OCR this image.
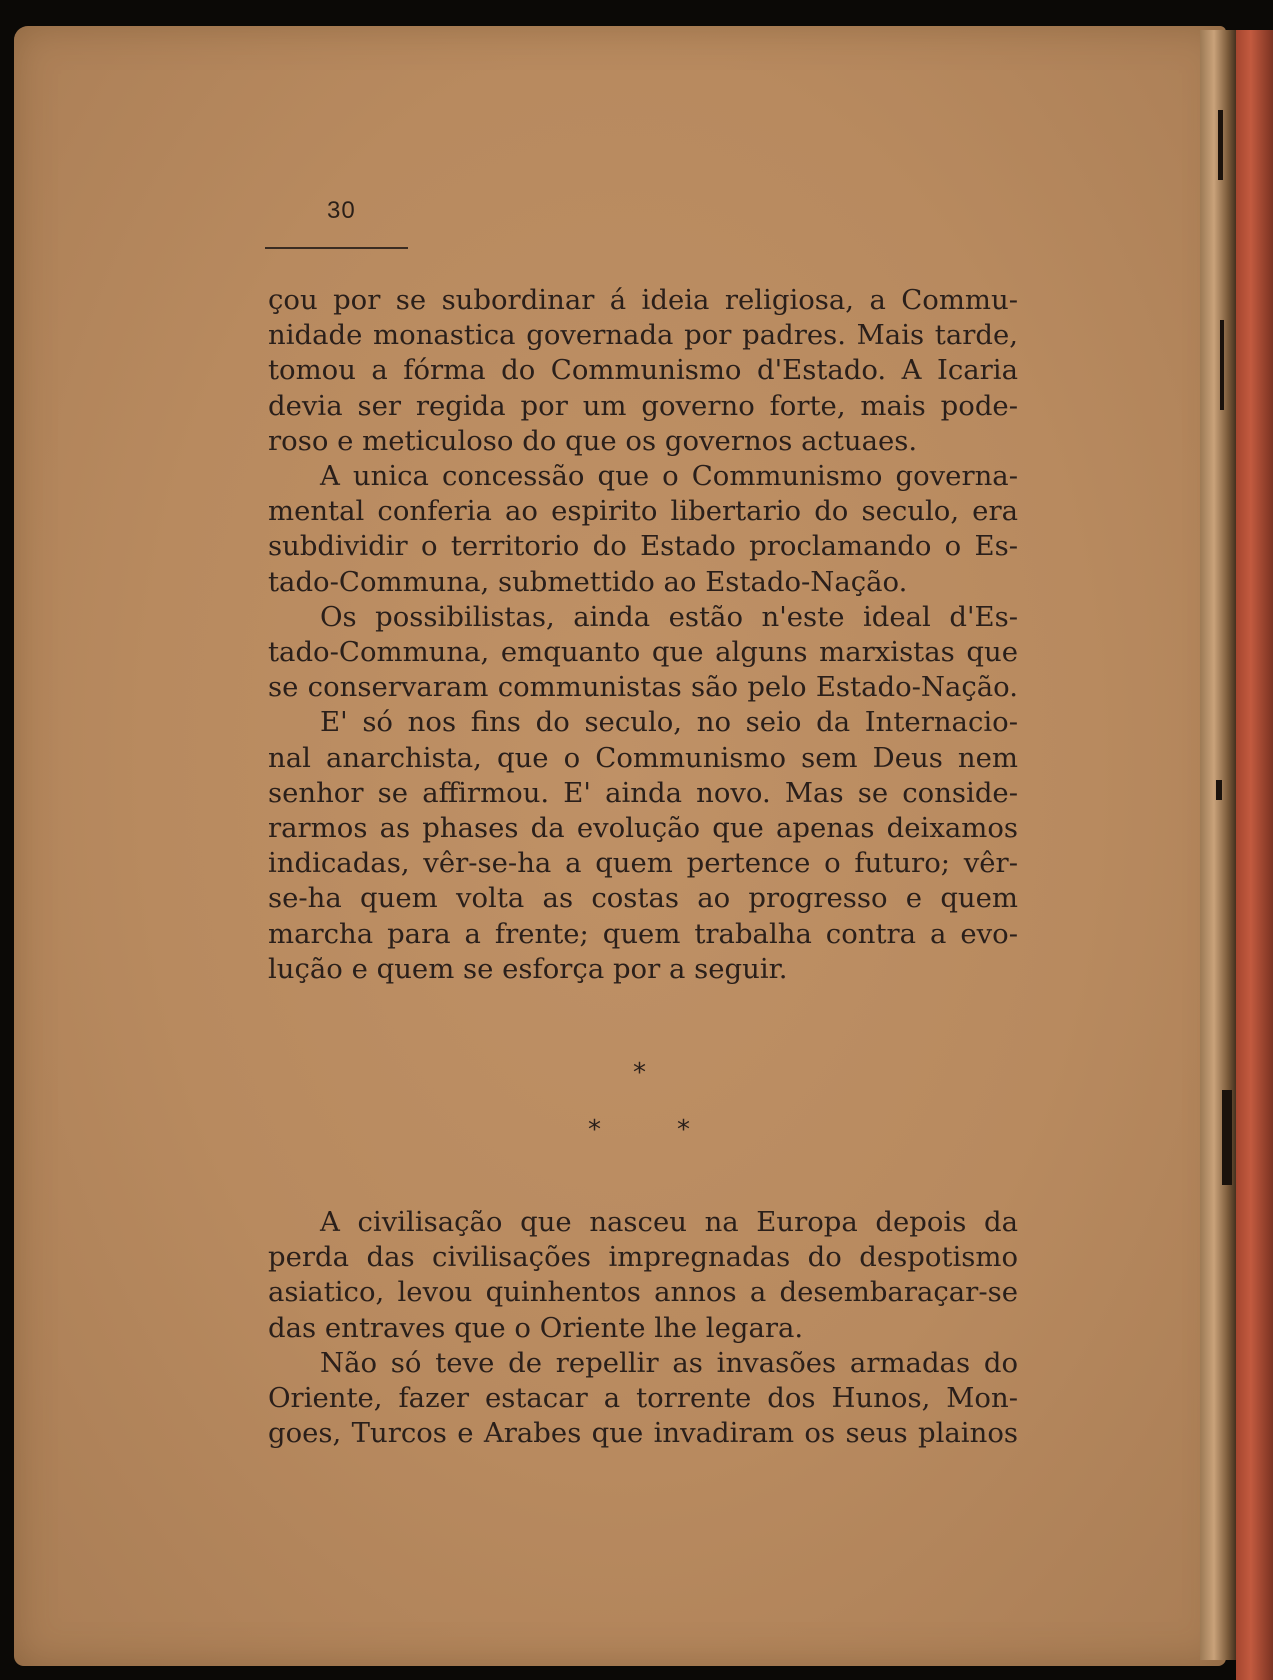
30
çou por se subordinar á ideia religiosa, a Commu-
nidade monastica governada por padres. Mais tarde,
tomou a fórma do Communismo d'Estado. A Icaria
devia ser regida por um governo forte, mais pode-
roso e meticuloso do que os governos actuaes.
A unica concessão que o Communismo governa-
mental conferia ao espirito libertario do seculo, era
subdividir o territorio do Estado proclamando o Es-
tado-Communa, submettido ao Estado-Nação.
Os possibilistas, ainda estão n'este ideal d'Es-
tado-Communa, emquanto que alguns marxistas que
se conservaram communistas são pelo Estado-Nação.
E' só nos fins do seculo, no seio da Internacio-
nal anarchista, que o Communismo sem Deus nem
senhor se affirmou. E' ainda novo. Mas se conside-
rarmos as phases da evolução que apenas deixamos
indicadas, vêr-se-ha a quem pertence o futuro; vêr-
se-ha quem volta as costas ao progresso e quem
marcha para a frente; quem trabalha contra a evo-
lução e quem se esforça por a seguir.
*
*	*
A civilisação que nasceu na Europa depois da
perda das civilisações impregnadas do despotismo
asiatico, levou quinhentos annos a desembaraçar-se
das entraves que o Oriente lhe legara.
Não só teve de repellir as invasões armadas do
Oriente, fazer estacar a torrente dos Hunos, Mon-
goes, Turcos e Arabes que invadiram os seus plainos
